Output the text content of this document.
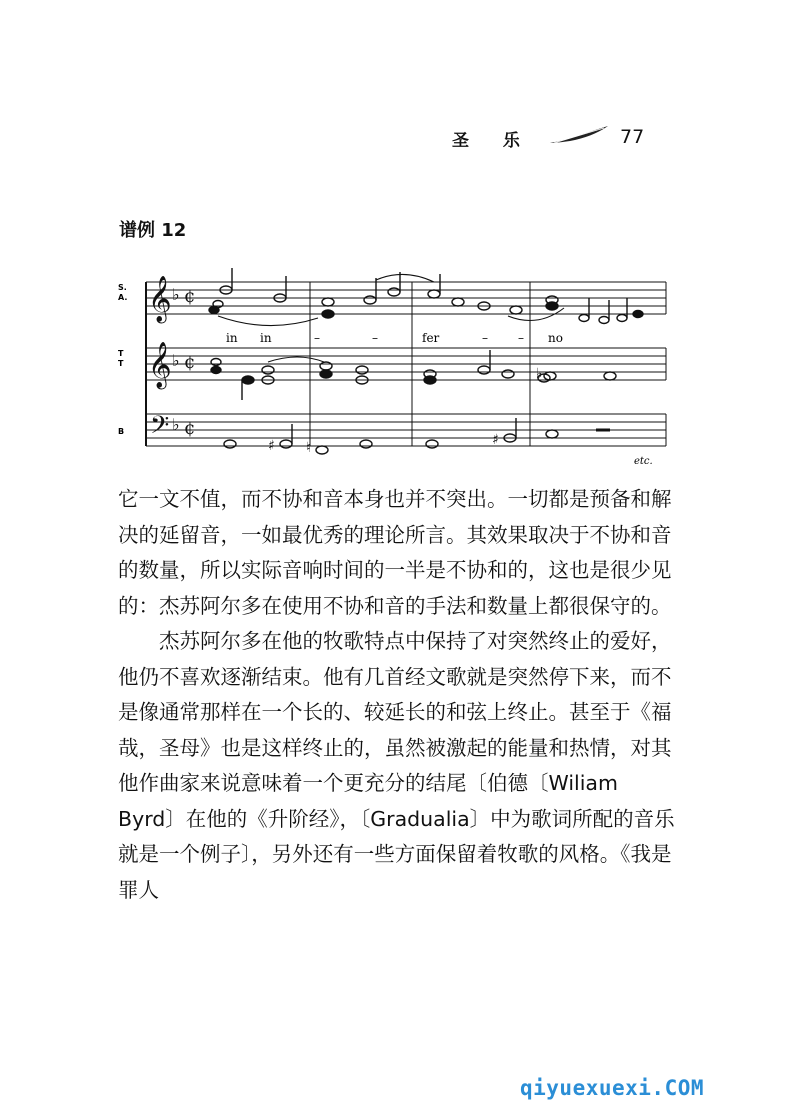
圣 乐	77
谱例 12
𝄞
𝄞
𝄢
♭
♭
♭
¢
¢
¢
in in	–	–	fer	–	– no
♯ ♮	♯
♭
S.
A.
T
T
B
etc.

它一文不值，而不协和音本身也并不突出。一切都是预备和解决的延留音，一如最优秀的理论所言。其效果取决于不协和音的数量，所以实际音响时间的一半是不协和的，这也是很少见的：杰苏阿尔多在使用不协和音的手法和数量上都很保守的。

杰苏阿尔多在他的牧歌特点中保持了对突然终止的爱好，他仍不喜欢逐渐结束。他有几首经文歌就是突然停下来，而不是像通常那样在一个长的、较延长的和弦上终止。甚至于《福哉，圣母》也是这样终止的，虽然被激起的能量和热情，对其他作曲家来说意味着一个更充分的结尾〔伯德〔Wiliam Byrd〕在他的《升阶经》，〔Gradualia〕中为歌词所配的音乐就是一个例子〕，另外还有一些方面保留着牧歌的风格。《我是罪人

qiyuexuexi.COM
